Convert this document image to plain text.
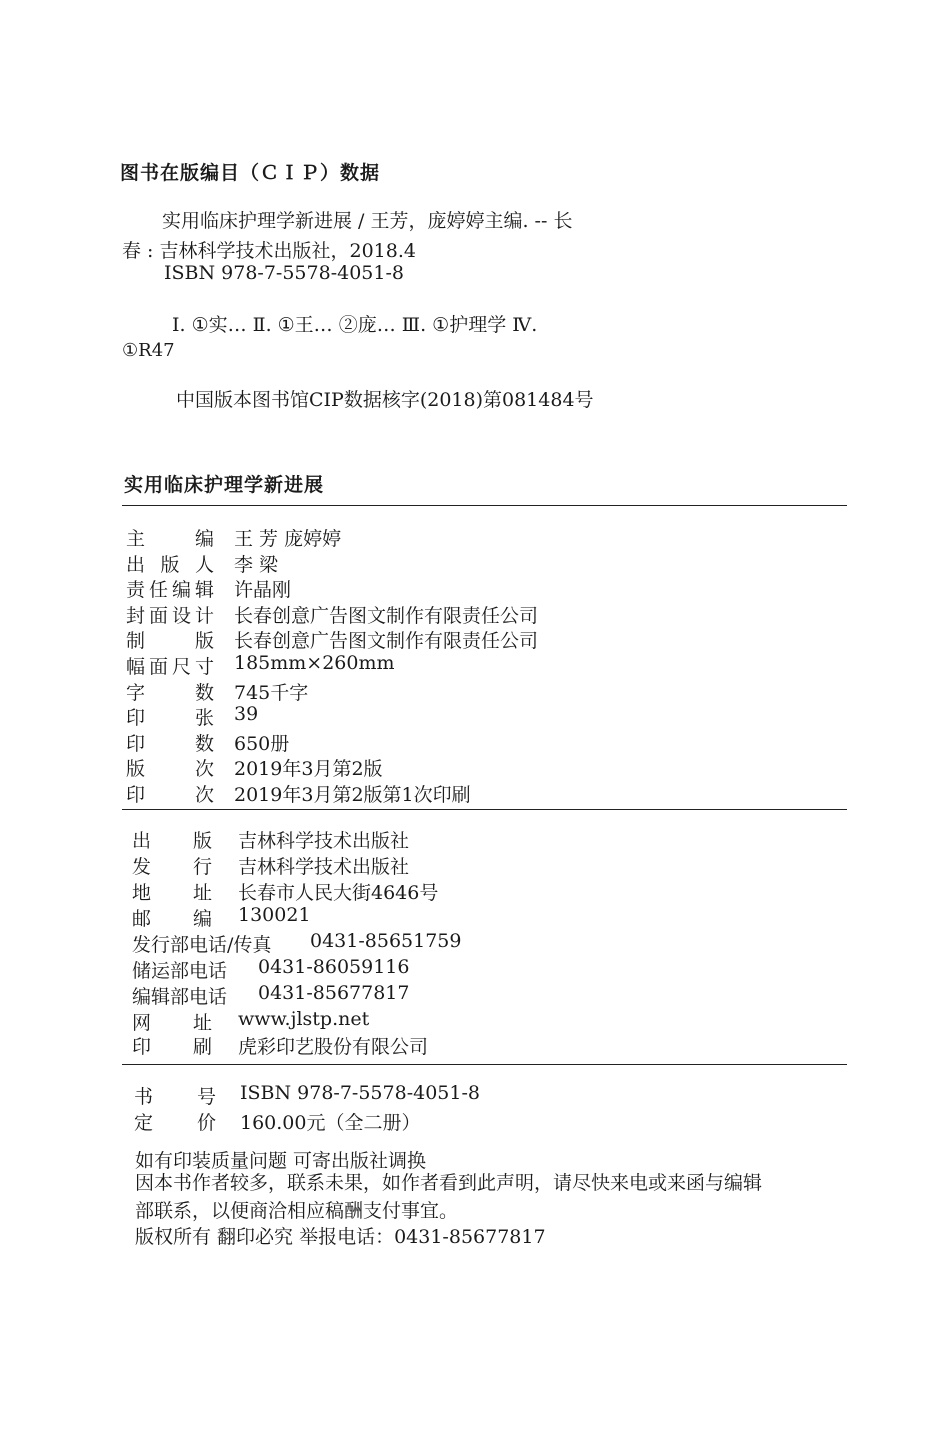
图书在版编目（ＣＩＰ）数据
实用临床护理学新进展 / 王芳，庞婷婷主编. -- 长
春 : 吉林科学技术出版社，2018.4
ISBN 978-7-5578-4051-8
Ⅰ. ①实… Ⅱ. ①王… ②庞… Ⅲ. ①护理学 Ⅳ.
①R47
中国版本图书馆CIP数据核字(2018)第081484号
实用临床护理学新进展
主	编 王 芳 庞婷婷
出 版 人 李 梁
责 任 编 辑 许晶刚
封 面 设 计 长春创意广告图文制作有限责任公司
制	版 长春创意广告图文制作有限责任公司
幅 面 尺 寸 185mm×260mm
字	数 745千字
印	张 39
印	数 650册
版	次 2019年3月第2版
印	次 2019年3月第2版第1次印刷
出 版 吉林科学技术出版社
发 行 吉林科学技术出版社
地 址 长春市人民大街4646号
邮 编 130021
发行部电话/传真 0431-85651759
储运部电话 0431-86059116
编辑部电话 0431-85677817
网 址 www.jlstp.net
印 刷 虎彩印艺股份有限公司
书 号 ISBN 978-7-5578-4051-8
定 价 160.00元（全二册）
如有印装质量问题 可寄出版社调换
因本书作者较多，联系未果，如作者看到此声明，请尽快来电或来函与编辑
部联系，以便商洽相应稿酬支付事宜。
版权所有 翻印必究 举报电话：0431-85677817
